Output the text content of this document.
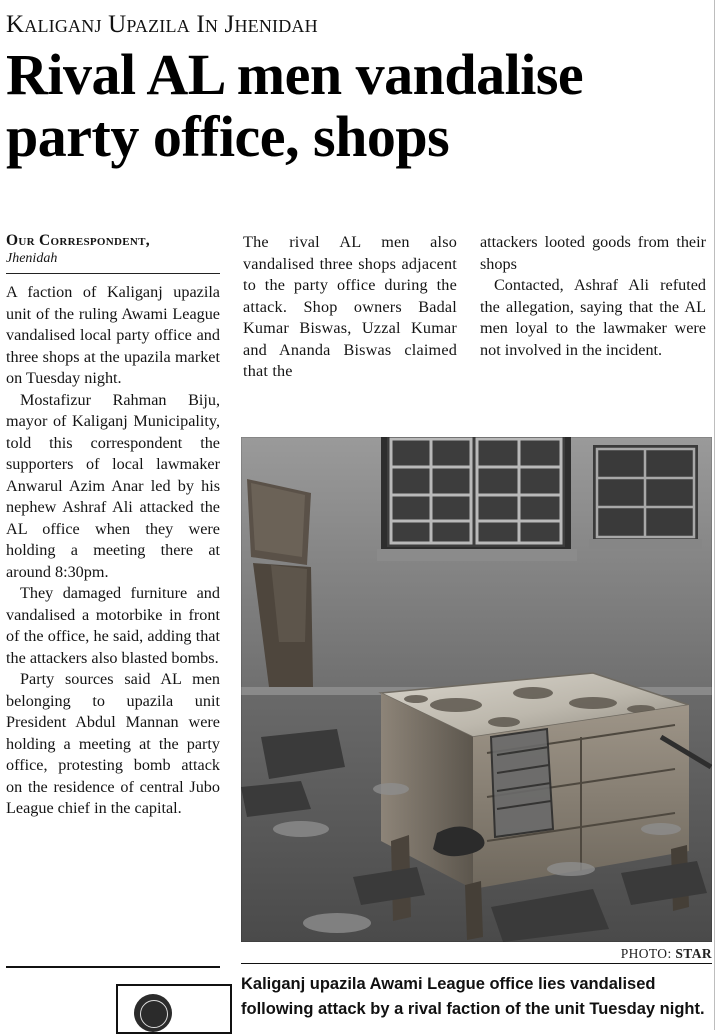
Kaliganj Upazila In Jhenidah
Rival AL men vandalise
party office, shops
Our Correspondent,
Jhenidah

A faction of Kaliganj upazila unit of the ruling Awami League vandalised local party office and three shops at the upazila market on Tuesday night.

Mostafizur Rahman Biju, mayor of Kaliganj Municipality, told this correspondent the supporters of local lawmaker Anwarul Azim Anar led by his nephew Ashraf Ali attacked the AL office when they were holding a meeting there at around 8:30pm.

They damaged furniture and vandalised a motorbike in front of the office, he said, adding that the attackers also blasted bombs.

Party sources said AL men belonging to upazila unit President Abdul Mannan were holding a meeting at the party office, protesting bomb attack on the residence of central Jubo League chief in the capital.

The rival AL men also vandalised three shops adjacent to the party office during the attack. Shop owners Badal Kumar Biswas, Uzzal Kumar and Ananda Biswas claimed that the

attackers looted goods from their shops

Contacted, Ashraf Ali refuted the allegation, saying that the AL men loyal to the lawmaker were not involved in the incident.

PHOTO: STAR
Kaliganj upazila Awami League office lies vandalised following attack by a rival faction of the unit Tuesday night.
